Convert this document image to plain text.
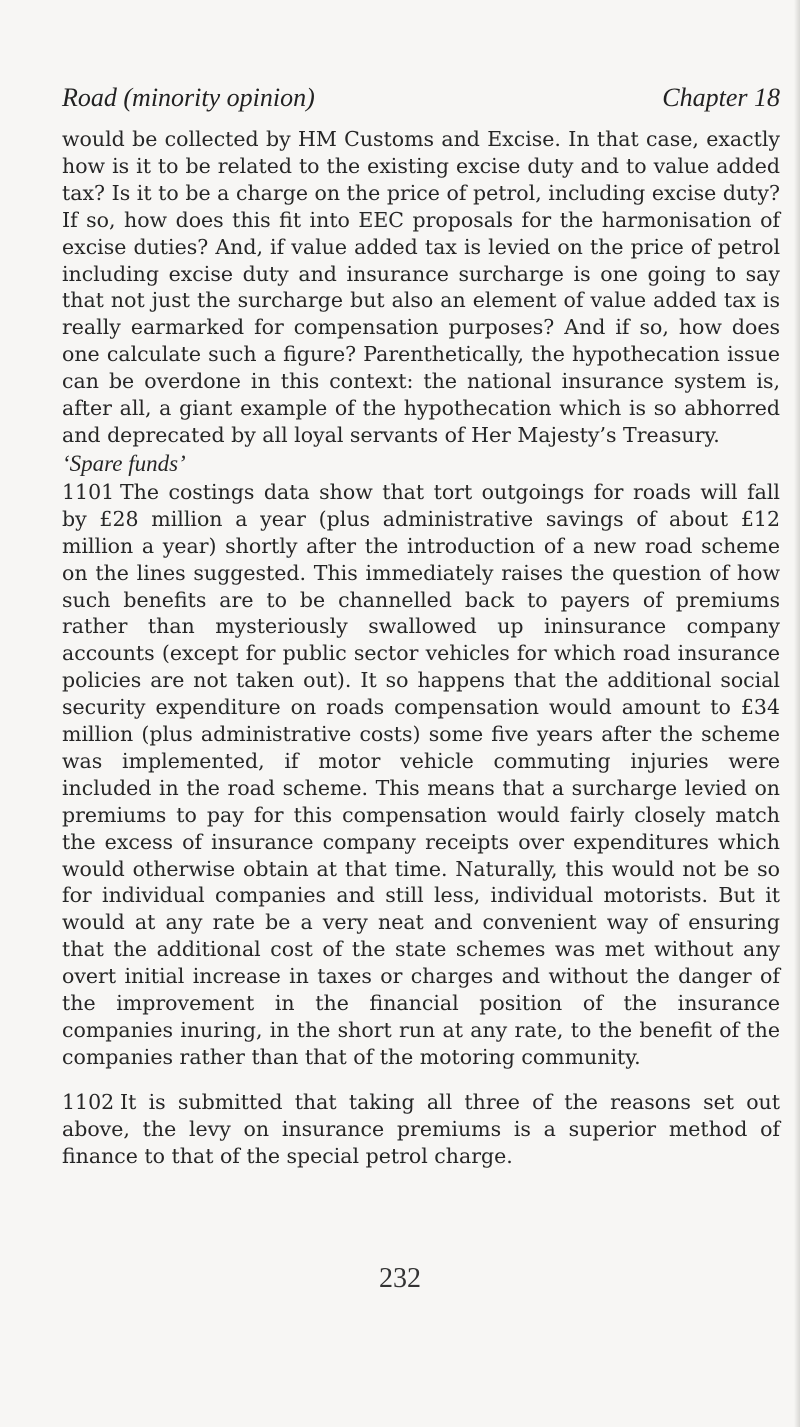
Road (minority opinion)	Chapter 18

would be collected by HM Customs and Excise. In that case, exactly how is it to be related to the existing excise duty and to value added tax? Is it to be a charge on the price of petrol, including excise duty? If so, how does this fit into EEC proposals for the harmonisation of excise duties? And, if value added tax is levied on the price of petrol including excise duty and insurance surcharge is one going to say that not just the surcharge but also an element of value added tax is really earmarked for compensation purposes? And if so, how does one calculate such a figure? Parenthetically, the hypothecation issue can be overdone in this context: the national insurance system is, after all, a giant example of the hypothecation which is so abhorred and deprecated by all loyal servants of Her Majesty’s Treasury.

‘Spare funds’

1101 The costings data show that tort outgoings for roads will fall by £28 million a year (plus administrative savings of about £12 million a year) shortly after the introduction of a new road scheme on the lines suggested. This immediately raises the question of how such benefits are to be channelled back to payers of premiums rather than mysteriously swallowed up ininsurance company accounts (except for public sector vehicles for which road insurance policies are not taken out). It so happens that the additional social security expenditure on roads compensation would amount to £34 million (plus administrative costs) some five years after the scheme was implemented, if motor vehicle commuting injuries were included in the road scheme. This means that a surcharge levied on premiums to pay for this compensation would fairly closely match the excess of insurance company receipts over expenditures which would otherwise obtain at that time. Naturally, this would not be so for individual companies and still less, individual motorists. But it would at any rate be a very neat and convenient way of ensuring that the additional cost of the state schemes was met without any overt initial increase in taxes or charges and without the danger of the improvement in the financial position of the insurance companies inuring, in the short run at any rate, to the benefit of the companies rather than that of the motoring community.

1102 It is submitted that taking all three of the reasons set out above, the levy on insurance premiums is a superior method of finance to that of the special petrol charge.

232
